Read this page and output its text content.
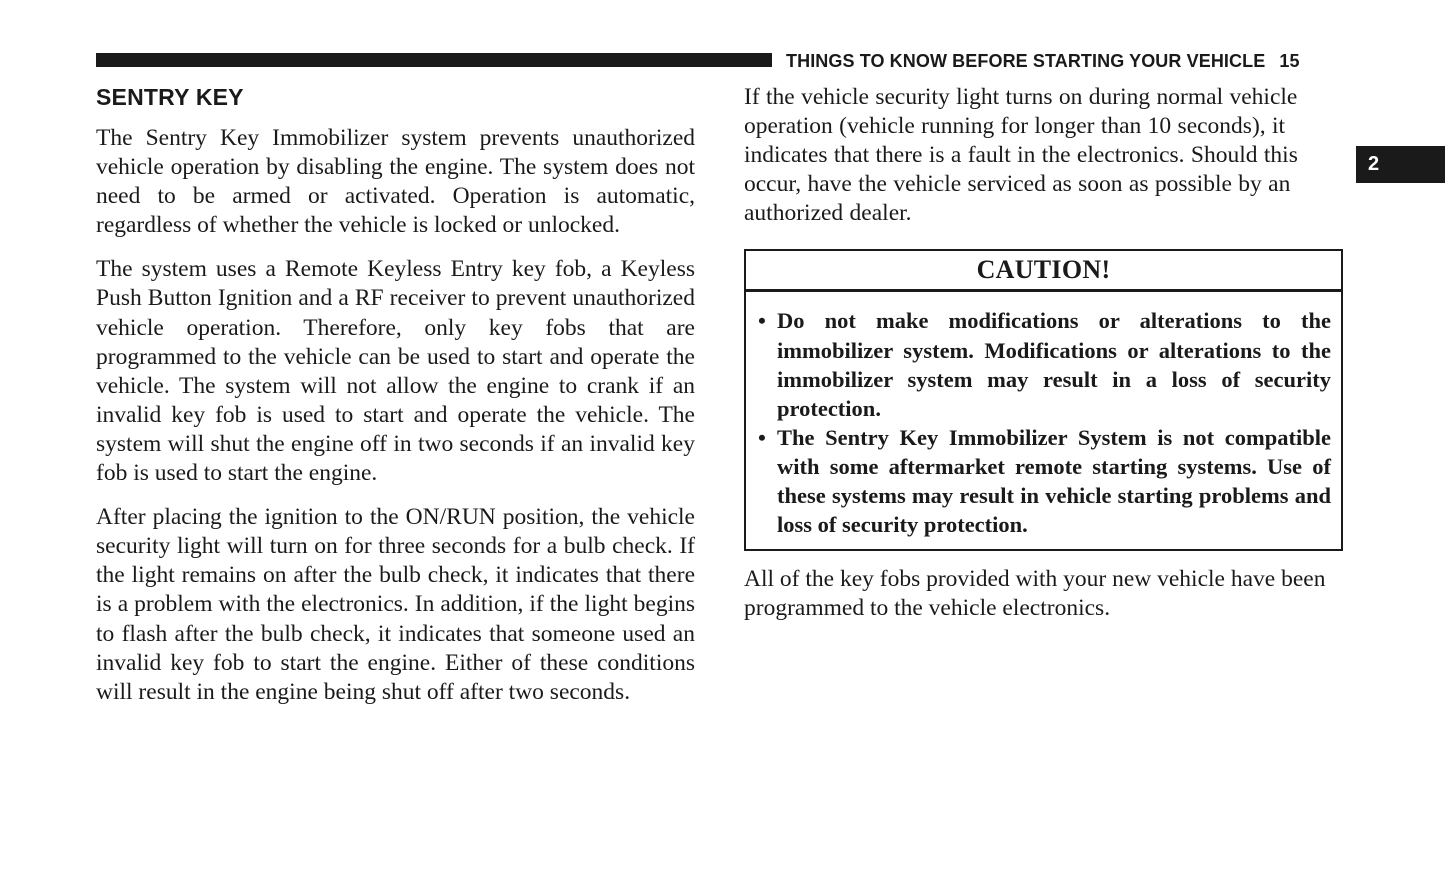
THINGS TO KNOW BEFORE STARTING YOUR VEHICLE 15
2
SENTRY KEY

The Sentry Key Immobilizer system prevents unauthorized vehicle operation by disabling the engine. The system does not need to be armed or activated. Operation is automatic, regardless of whether the vehicle is locked or unlocked.

The system uses a Remote Keyless Entry key fob, a Keyless Push Button Ignition and a RF receiver to prevent unauthorized vehicle operation. Therefore, only key fobs that are programmed to the vehicle can be used to start and operate the vehicle. The system will not allow the engine to crank if an invalid key fob is used to start and operate the vehicle. The system will shut the engine off in two seconds if an invalid key fob is used to start the engine.

After placing the ignition to the ON/RUN position, the vehicle security light will turn on for three seconds for a bulb check. If the light remains on after the bulb check, it indicates that there is a problem with the electronics. In addition, if the light begins to flash after the bulb check, it indicates that someone used an invalid key fob to start the engine. Either of these conditions will result in the engine being shut off after two seconds.

If the vehicle security light turns on during normal vehicle operation (vehicle running for longer than 10 seconds), it indicates that there is a fault in the electronics. Should this occur, have the vehicle serviced as soon as possible by an authorized dealer.

CAUTION!
• Do not make modifications or alterations to the immobilizer system. Modifications or alterations to the immobilizer system may result in a loss of security protection.
• The Sentry Key Immobilizer System is not compatible with some aftermarket remote starting systems. Use of these systems may result in vehicle starting problems and loss of security protection.

All of the key fobs provided with your new vehicle have been programmed to the vehicle electronics.
